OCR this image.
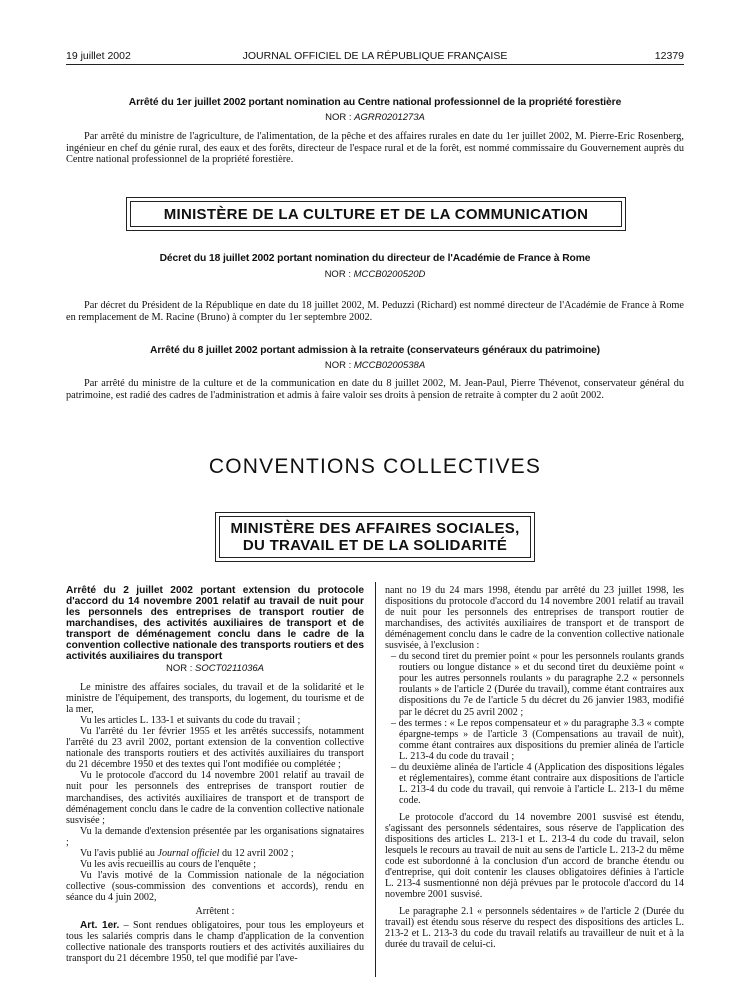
19 juillet 2002	JOURNAL OFFICIEL DE LA RÉPUBLIQUE FRANÇAISE	12379
Arrêté du 1er juillet 2002 portant nomination au Centre national professionnel de la propriété forestière
NOR : AGRR0201273A
Par arrêté du ministre de l'agriculture, de l'alimentation, de la pêche et des affaires rurales en date du 1er juillet 2002, M. Pierre-Eric Rosenberg, ingénieur en chef du génie rural, des eaux et des forêts, directeur de l'espace rural et de la forêt, est nommé commissaire du Gouvernement auprès du Centre national professionnel de la propriété forestière.
MINISTÈRE DE LA CULTURE ET DE LA COMMUNICATION
Décret du 18 juillet 2002 portant nomination du directeur de l'Académie de France à Rome
NOR : MCCB0200520D
Par décret du Président de la République en date du 18 juillet 2002, M. Peduzzi (Richard) est nommé directeur de l'Académie de France à Rome en remplacement de M. Racine (Bruno) à compter du 1er septembre 2002.
Arrêté du 8 juillet 2002 portant admission à la retraite (conservateurs généraux du patrimoine)
NOR : MCCB0200538A
Par arrêté du ministre de la culture et de la communication en date du 8 juillet 2002, M. Jean-Paul, Pierre Thévenot, conservateur général du patrimoine, est radié des cadres de l'administration et admis à faire valoir ses droits à pension de retraite à compter du 2 août 2002.
CONVENTIONS COLLECTIVES
MINISTÈRE DES AFFAIRES SOCIALES,
DU TRAVAIL ET DE LA SOLIDARITÉ
Arrêté du 2 juillet 2002 portant extension du protocole d'accord du 14 novembre 2001 relatif au travail de nuit pour les personnels des entreprises de transport routier de marchandises, des activités auxiliaires de transport et de transport de déménagement conclu dans le cadre de la convention collective nationale des transports routiers et des activités auxiliaires du transport
NOR : SOCT0211036A

Le ministre des affaires sociales, du travail et de la solidarité et le ministre de l'équipement, des transports, du logement, du tourisme et de la mer,

Vu les articles L. 133-1 et suivants du code du travail ;

Vu l'arrêté du 1er février 1955 et les arrêtés successifs, notamment l'arrêté du 23 avril 2002, portant extension de la convention collective nationale des transports routiers et des activités auxiliaires du transport du 21 décembre 1950 et des textes qui l'ont modifiée ou complétée ;

Vu le protocole d'accord du 14 novembre 2001 relatif au travail de nuit pour les personnels des entreprises de transport routier de marchandises, des activités auxiliaires de transport et de transport de déménagement conclu dans le cadre de la convention collective nationale susvisée ;

Vu la demande d'extension présentée par les organisations signataires ;

Vu l'avis publié au Journal officiel du 12 avril 2002 ;

Vu les avis recueillis au cours de l'enquête ;

Vu l'avis motivé de la Commission nationale de la négociation collective (sous-commission des conventions et accords), rendu en séance du 4 juin 2002,

Arrêtent :

Art. 1er. – Sont rendues obligatoires, pour tous les employeurs et tous les salariés compris dans le champ d'application de la convention collective nationale des transports routiers et des activités auxiliaires du transport du 21 décembre 1950, tel que modifié par l'ave-

nant no 19 du 24 mars 1998, étendu par arrêté du 23 juillet 1998, les dispositions du protocole d'accord du 14 novembre 2001 relatif au travail de nuit pour les personnels des entreprises de transport routier de marchandises, des activités auxiliaires de transport et de transport de déménagement conclu dans le cadre de la convention collective nationale susvisée, à l'exclusion :

– du second tiret du premier point « pour les personnels roulants grands routiers ou longue distance » et du second tiret du deuxième point « pour les autres personnels roulants » du paragraphe 2.2 « personnels roulants » de l'article 2 (Durée du travail), comme étant contraires aux dispositions du 7e de l'article 5 du décret du 26 janvier 1983, modifié par le décret du 25 avril 2002 ;

– des termes : « Le repos compensateur et » du paragraphe 3.3 « compte épargne-temps » de l'article 3 (Compensations au travail de nuit), comme étant contraires aux dispositions du premier alinéa de l'article L. 213-4 du code du travail ;

– du deuxième alinéa de l'article 4 (Application des dispositions légales et réglementaires), comme étant contraire aux dispositions de l'article L. 213-4 du code du travail, qui renvoie à l'article L. 213-1 du même code.

Le protocole d'accord du 14 novembre 2001 susvisé est étendu, s'agissant des personnels sédentaires, sous réserve de l'application des dispositions des articles L. 213-1 et L. 213-4 du code du travail, selon lesquels le recours au travail de nuit au sens de l'article L. 213-2 du même code est subordonné à la conclusion d'un accord de branche étendu ou d'entreprise, qui doit contenir les clauses obligatoires définies à l'article L. 213-4 susmentionné non déjà prévues par le protocole d'accord du 14 novembre 2001 susvisé.

Le paragraphe 2.1 « personnels sédentaires » de l'article 2 (Durée du travail) est étendu sous réserve du respect des dispositions des articles L. 213-2 et L. 213-3 du code du travail relatifs au travailleur de nuit et à la durée du travail de celui-ci.
